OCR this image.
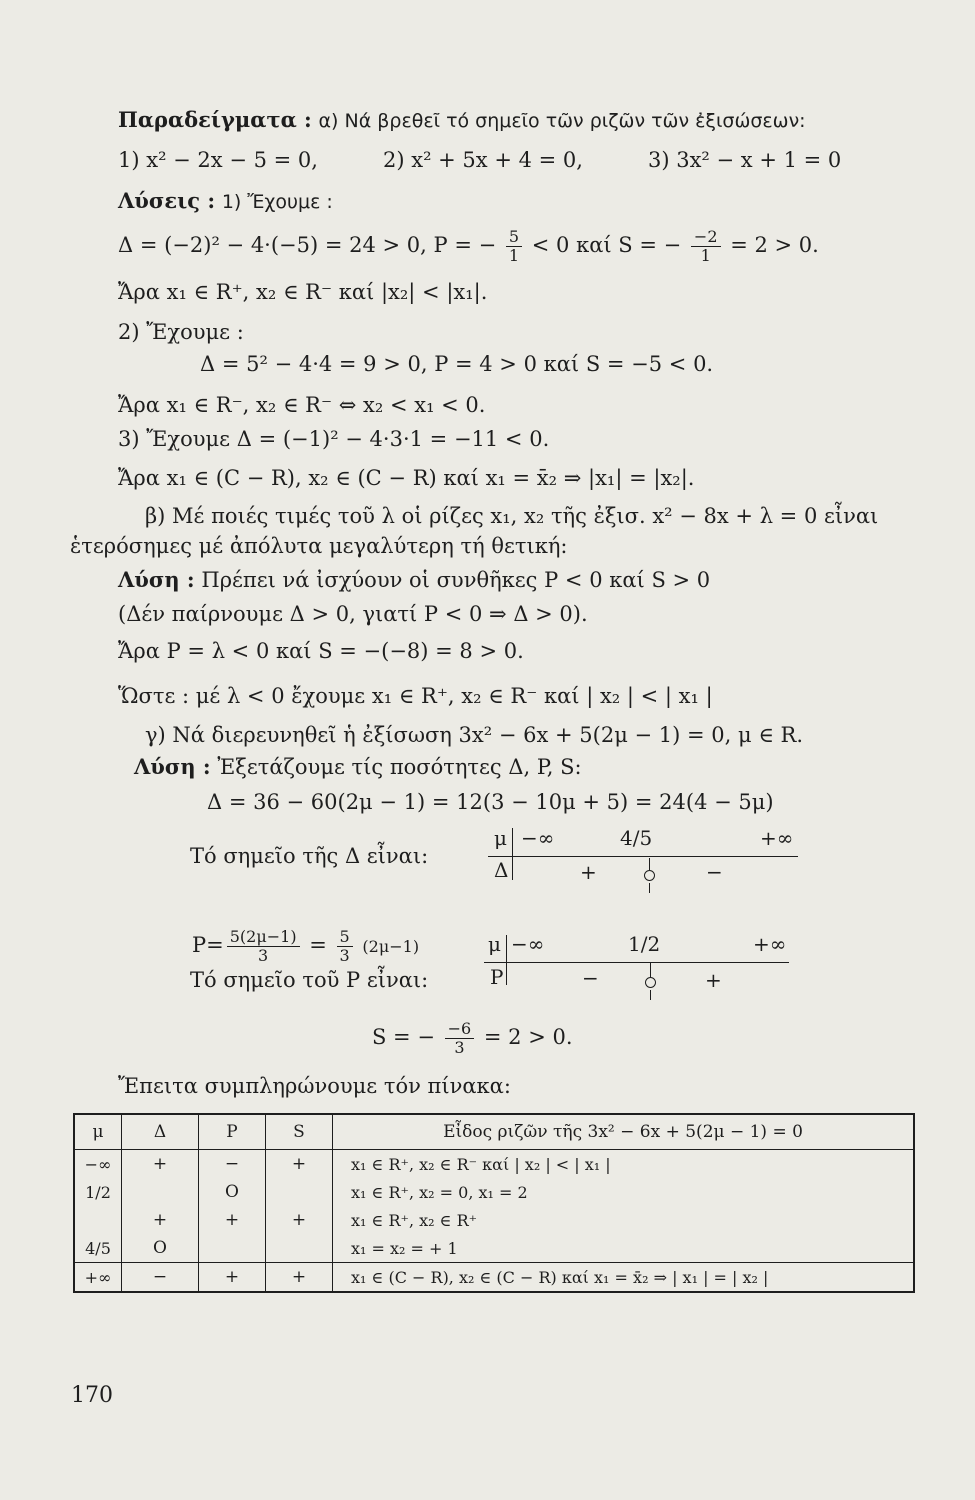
Παραδείγματα : α) Νά βρεθεῖ τό σημεῖο τῶν ριζῶν τῶν ἐξισώσεων:
1) x² − 2x − 5 = 0,	2) x² + 5x + 4 = 0,	3) 3x² − x + 1 = 0
Λύσεις : 1) Ἔχουμε :
Δ = (−2)² − 4·(−5) = 24 > 0, P = − $\frac{5}{1} < 0$ καί S = − $\frac{-2}{1} = 2 > 0$.
Ἄρα x₁ ∈ R⁺, x₂ ∈ R⁻ καί |x₂| < |x₁|.
2) Ἔχουμε :
Δ = 5² − 4·4 = 9 > 0, P = 4 > 0 καί S = −5 < 0.
Ἄρα x₁ ∈ R⁻, x₂ ∈ R⁻ ⇔ x₂ < x₁ < 0.
3) Ἔχουμε Δ = (−1)² − 4·3·1 = −11 < 0.
Ἄρα x₁ ∈ (C − R), x₂ ∈ (C − R) καί x₁ = x̄₂ ⇒ |x₁| = |x₂|.
β) Μέ ποιές τιμές τοῦ λ οἱ ρίζες x₁, x₂ τῆς ἐξισ. x² − 8x + λ = 0 εἶναι
ἑτερόσημες μέ ἀπόλυτα μεγαλύτερη τή θετική:
Λύση : Πρέπει νά ἰσχύουν οἱ συνθῆκες P < 0 καί S > 0
(Δέν παίρνουμε Δ > 0, γιατί P < 0 ⇒ Δ > 0).
Ἄρα P = λ < 0 καί S = −(−8) = 8 > 0.
Ὥστε : μέ λ < 0 ἔχουμε x₁ ∈ R⁺, x₂ ∈ R⁻ καί | x₂ | < | x₁ |
γ) Νά διερευνηθεῖ ἡ ἐξίσωση 3x² − 6x + 5(2μ − 1) = 0, μ ∈ R.
Λύση : Ἐξετάζουμε τίς ποσότητες Δ, P, S:
Δ = 36 − 60(2μ − 1) = 12(3 − 10μ + 5) = 24(4 − 5μ)
Τό σημεῖο τῆς Δ εἶναι:
μ −∞	4/5	+∞
Δ	+	−
$P= \frac{5(2\mu-1)}{3} = \frac{5}{3} (2\mu-1)$
Τό σημεῖο τοῦ P εἶναι:
μ −∞	1/2	+∞
P	−	+
S = − $\frac{-6}{3} = 2 > 0$.
Ἔπειτα συμπληρώνουμε τόν πίνακα:
μ	Δ	P	S	Εἶδος ριζῶν τῆς 3x² − 6x + 5(2μ − 1) = 0
−∞	+	−	+	x₁ ∈ R⁺, x₂ ∈ R⁻ καί | x₂ | < | x₁ |
1/2		O		x₁ ∈ R⁺, x₂ = 0, x₁ = 2
	+	+	+	x₁ ∈ R⁺, x₂ ∈ R⁺
4/5	O			x₁ = x₂ = + 1
+∞	−	+	+	x₁ ∈ (C − R), x₂ ∈ (C − R) καί x₁ = x̄₂ ⇒ | x₁ | = | x₂ |
170
